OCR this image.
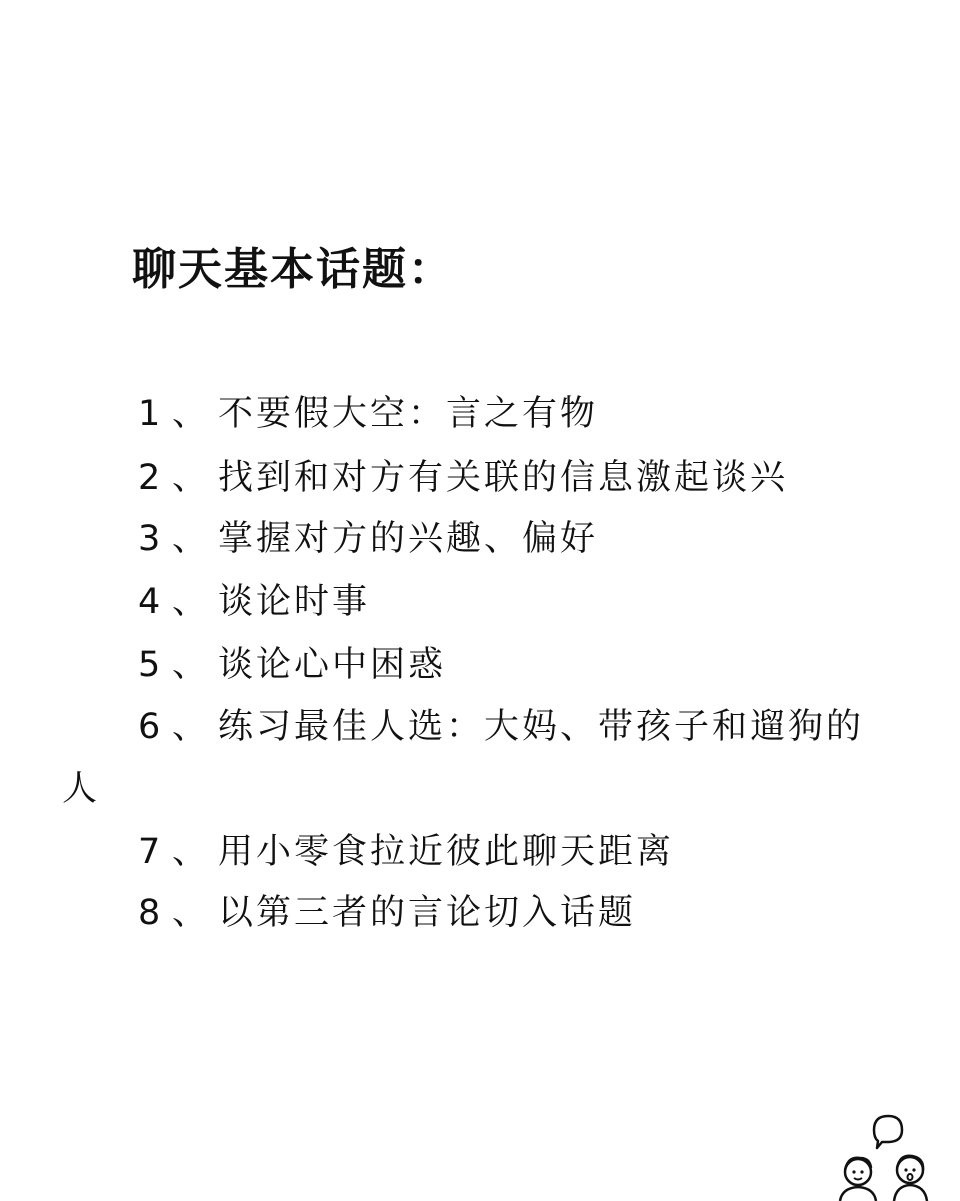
聊天基本话题：
1 、 不要假大空：言之有物
2 、 找到和对方有关联的信息激起谈兴
3 、 掌握对方的兴趣、偏好
4 、 谈论时事
5 、 谈论心中困惑
6 、 练习最佳人选：大妈、带孩子和遛狗的
人
7 、 用小零食拉近彼此聊天距离
8 、 以第三者的言论切入话题
